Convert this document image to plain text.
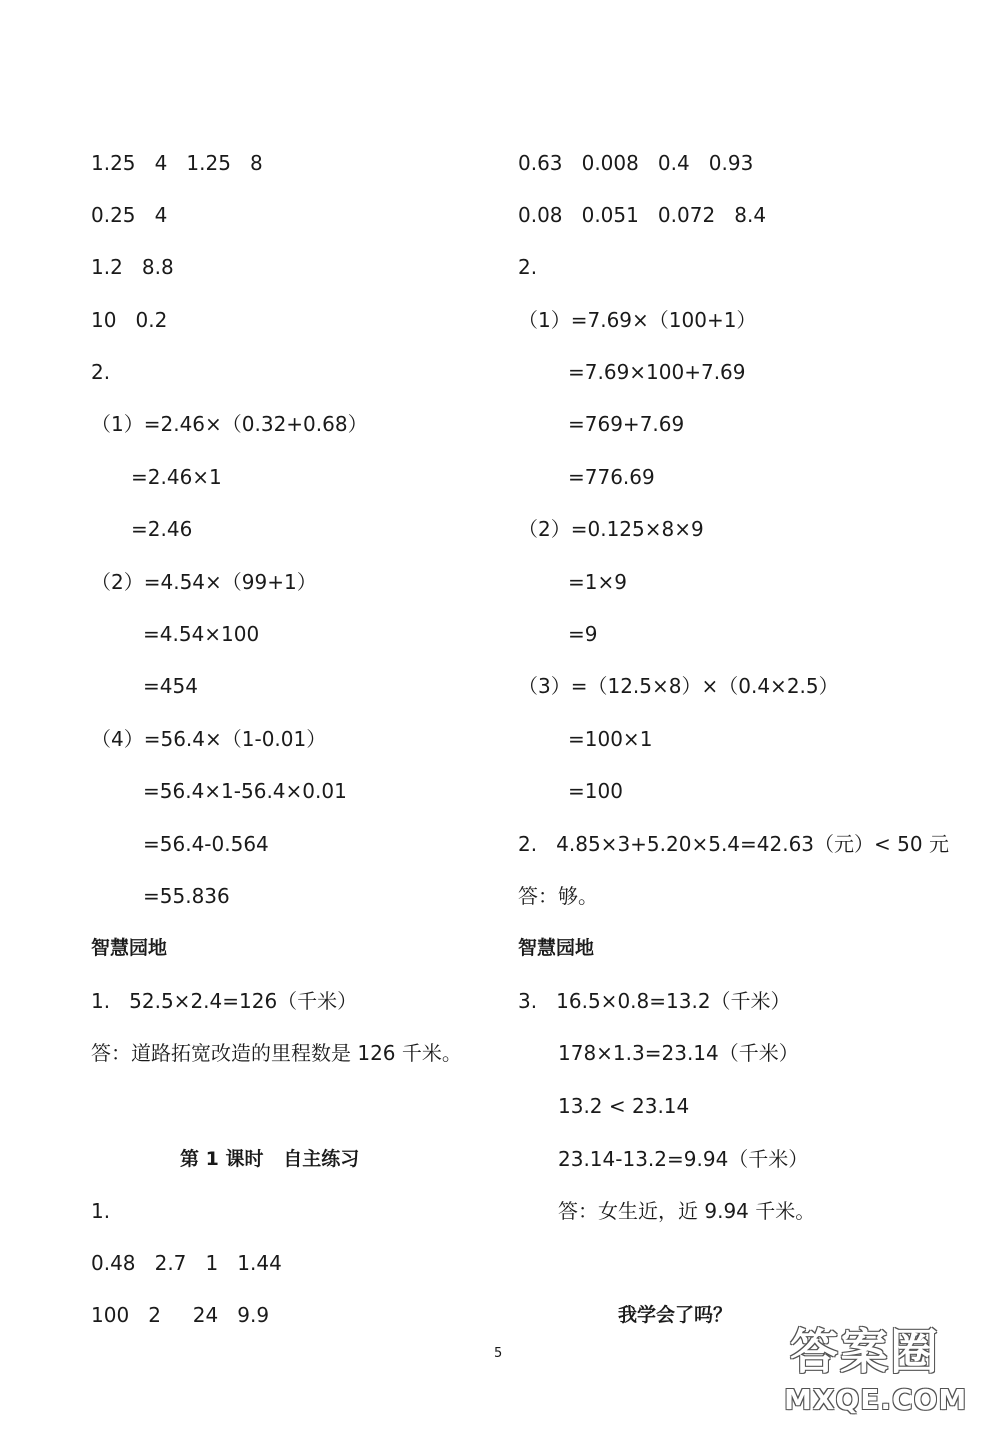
1.25   4   1.25   8
0.25   4
1.2   8.8
10   0.2
2.
（1）=2.46×（0.32+0.68）
=2.46×1
=2.46
（2）=4.54×（99+1）
=4.54×100
=454
（4）=56.4×（1-0.01）
=56.4×1-56.4×0.01
=56.4-0.564
=55.836
智慧园地
1.   52.5×2.4=126（千米）
答：道路拓宽改造的里程数是 126 千米。
第 1 课时   自主练习
1.
0.48   2.7   1   1.44
100   2     24   9.9
0.63   0.008   0.4   0.93
0.08   0.051   0.072   8.4
2.
（1）=7.69×（100+1）
=7.69×100+7.69
=769+7.69
=776.69
（2）=0.125×8×9
=1×9
=9
（3）=（12.5×8）×（0.4×2.5）
=100×1
=100
2.   4.85×3+5.20×5.4=42.63（元）< 50 元
答：够。
智慧园地
3.   16.5×0.8=13.2（千米）
178×1.3=23.14（千米）
13.2 < 23.14
23.14-13.2=9.94（千米）
答：女生近，近 9.94 千米。
我学会了吗？
5	答案圈
MXQE.COM
